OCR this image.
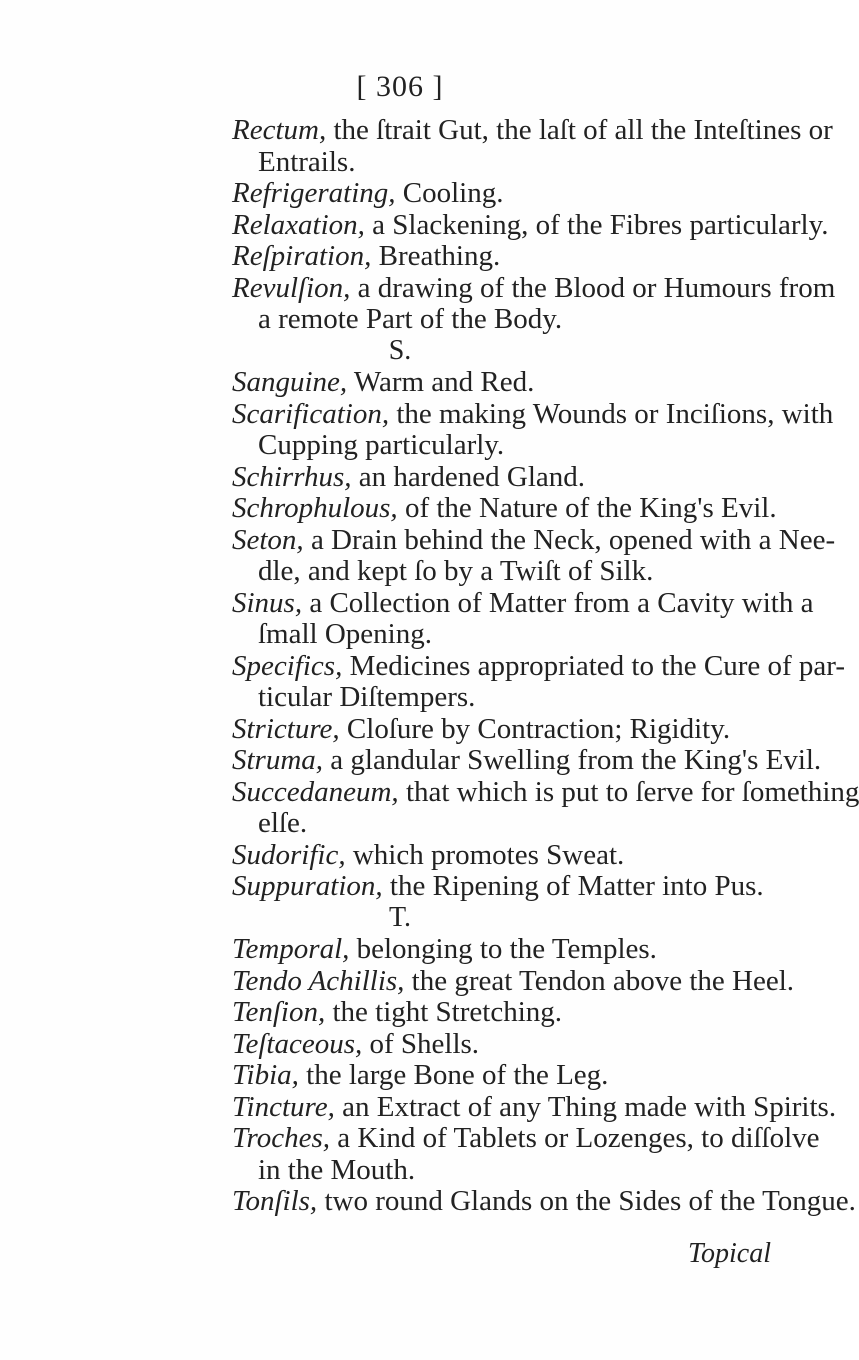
[ 306 ]
Rectum, the ſtrait Gut, the laſt of all the Inteſtines or
Entrails.
Refrigerating, Cooling.
Relaxation, a Slackening, of the Fibres particularly.
Reſpiration, Breathing.
Revulſion, a drawing of the Blood or Humours from
a remote Part of the Body.
S.
Sanguine, Warm and Red.
Scarification, the making Wounds or Inciſions, with
Cupping particularly.
Schirrhus, an hardened Gland.
Schrophulous, of the Nature of the King's Evil.
Seton, a Drain behind the Neck, opened with a Nee-
dle, and kept ſo by a Twiſt of Silk.
Sinus, a Collection of Matter from a Cavity with a
ſmall Opening.
Specifics, Medicines appropriated to the Cure of par-
ticular Diſtempers.
Stricture, Cloſure by Contraction; Rigidity.
Struma, a glandular Swelling from the King's Evil.
Succedaneum, that which is put to ſerve for ſomething
elſe.
Sudorific, which promotes Sweat.
Suppuration, the Ripening of Matter into Pus.
T.
Temporal, belonging to the Temples.
Tendo Achillis, the great Tendon above the Heel.
Tenſion, the tight Stretching.
Teſtaceous, of Shells.
Tibia, the large Bone of the Leg.
Tincture, an Extract of any Thing made with Spirits.
Troches, a Kind of Tablets or Lozenges, to diſſolve
in the Mouth.
Tonſils, two round Glands on the Sides of the Tongue.
Topical
